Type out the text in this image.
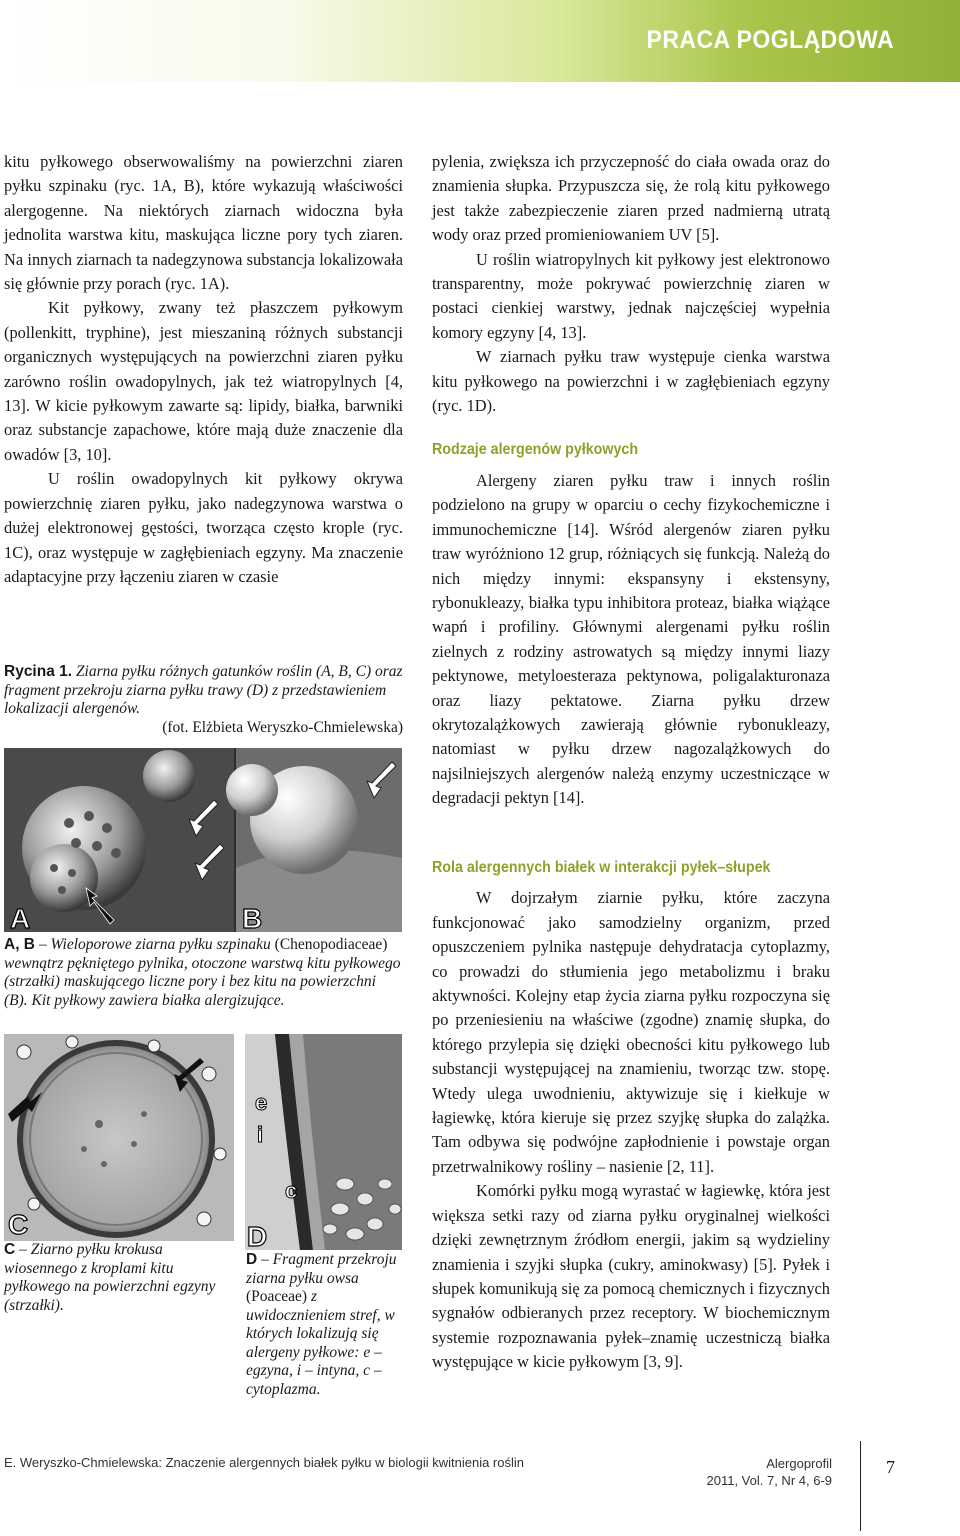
PRACA POGLĄDOWA

kitu pyłkowego obserwowaliśmy na powierzchni ziaren pyłku szpinaku (ryc. 1A, B), które wykazują właściwości alergogenne. Na niektórych ziarnach widoczna była jednolita warstwa kitu, maskująca liczne pory tych ziaren. Na innych ziarnach ta nadegzynowa substancja lokalizowała się głównie przy porach (ryc. 1A).

Kit pyłkowy, zwany też płaszczem pyłkowym (pollenkitt, tryphine), jest mieszaniną różnych substancji organicznych występujących na powierzchni ziaren pyłku zarówno roślin owadopylnych, jak też wiatropylnych [4, 13]. W kicie pyłkowym zawarte są: lipidy, białka, barwniki oraz substancje zapachowe, które mają duże znaczenie dla owadów [3, 10].

U roślin owadopylnych kit pyłkowy okrywa powierzchnię ziaren pyłku, jako nadegzynowa warstwa o dużej elektronowej gęstości, tworząca często krople (ryc. 1C), oraz występuje w zagłębieniach egzyny. Ma znaczenie adaptacyjne przy łączeniu ziaren w czasie

Rycina 1. Ziarna pyłku różnych gatunków roślin (A, B, C) oraz fragment przekroju ziarna pyłku trawy (D) z przedstawieniem lokalizacji alergenów.
(fot. Elżbieta Weryszko-Chmielewska)
A	B
A, B – Wieloporowe ziarna pyłku szpinaku (Chenopodiaceae) wewnątrz pękniętego pylnika, otoczone warstwą kitu pyłkowego (strzałki) maskującego liczne pory i bez kitu na powierzchni (B). Kit pyłkowy zawiera białka alergizujące.
C
e
i
c
D
C – Ziarno pyłku krokusa wiosennego z kroplami kitu pyłkowego na powierzchni egzyny (strzałki).
D – Fragment przekroju ziarna pyłku owsa (Poaceae) z uwidocznieniem stref, w których lokalizują się alergeny pyłkowe: e – egzyna, i – intyna, c – cytoplazma.

pylenia, zwiększa ich przyczepność do ciała owada oraz do znamienia słupka. Przypuszcza się, że rolą kitu pyłkowego jest także zabezpieczenie ziaren przed nadmierną utratą wody oraz przed promieniowaniem UV [5].

U roślin wiatropylnych kit pyłkowy jest elektronowo transparentny, może pokrywać powierzchnię ziaren w postaci cienkiej warstwy, jednak najczęściej wypełnia komory egzyny [4, 13].

W ziarnach pyłku traw występuje cienka warstwa kitu pyłkowego na powierzchni i w zagłębieniach egzyny (ryc. 1D).

Rodzaje alergenów pyłkowych

Alergeny ziaren pyłku traw i innych roślin podzielono na grupy w oparciu o cechy fizykochemiczne i immunochemiczne [14]. Wśród alergenów ziaren pyłku traw wyróżniono 12 grup, różniących się funkcją. Należą do nich między innymi: ekspansyny i ekstensyny, rybonukleazy, białka typu inhibitora proteaz, białka wiążące wapń i profiliny. Głównymi alergenami pyłku roślin zielnych z rodziny astrowatych są między innymi liazy pektynowe, metyloesteraza pektynowa, poligalakturonaza oraz liazy pektatowe. Ziarna pyłku drzew okrytozalążkowych zawierają głównie rybonukleazy, natomiast w pyłku drzew nagozalążkowych do najsilniejszych alergenów należą enzymy uczestniczące w degradacji pektyn [14].

Rola alergennych białek w interakcji pyłek–słupek

W dojrzałym ziarnie pyłku, które zaczyna funkcjonować jako samodzielny organizm, przed opuszczeniem pylnika następuje dehydratacja cytoplazmy, co prowadzi do stłumienia jego metabolizmu i braku aktywności. Kolejny etap życia ziarna pyłku rozpoczyna się po przeniesieniu na właściwe (zgodne) znamię słupka, do którego przylepia się dzięki obecności kitu pyłkowego lub substancji występującej na znamieniu, tworząc tzw. stopę. Wtedy ulega uwodnieniu, aktywizuje się i kiełkuje w łagiewkę, która kieruje się przez szyjkę słupka do zalążka. Tam odbywa się podwójne zapłodnienie i powstaje organ przetrwalnikowy rośliny – nasienie [2, 11].

Komórki pyłku mogą wyrastać w łagiewkę, która jest większa setki razy od ziarna pyłku oryginalnej wielkości dzięki zewnętrznym źródłom energii, jakim są wydzieliny znamienia i szyjki słupka (cukry, aminokwasy) [5]. Pyłek i słupek komunikują się za pomocą chemicznych i fizycznych sygnałów odbieranych przez receptory. W biochemicznym systemie rozpoznawania pyłek–znamię uczestniczą białka występujące w kicie pyłkowym [3, 9].

E. Weryszko-Chmielewska: Znaczenie alergennych białek pyłku w biologii kwitnienia roślin	Alergoprofil
2011, Vol. 7, Nr 4, 6-9
7
